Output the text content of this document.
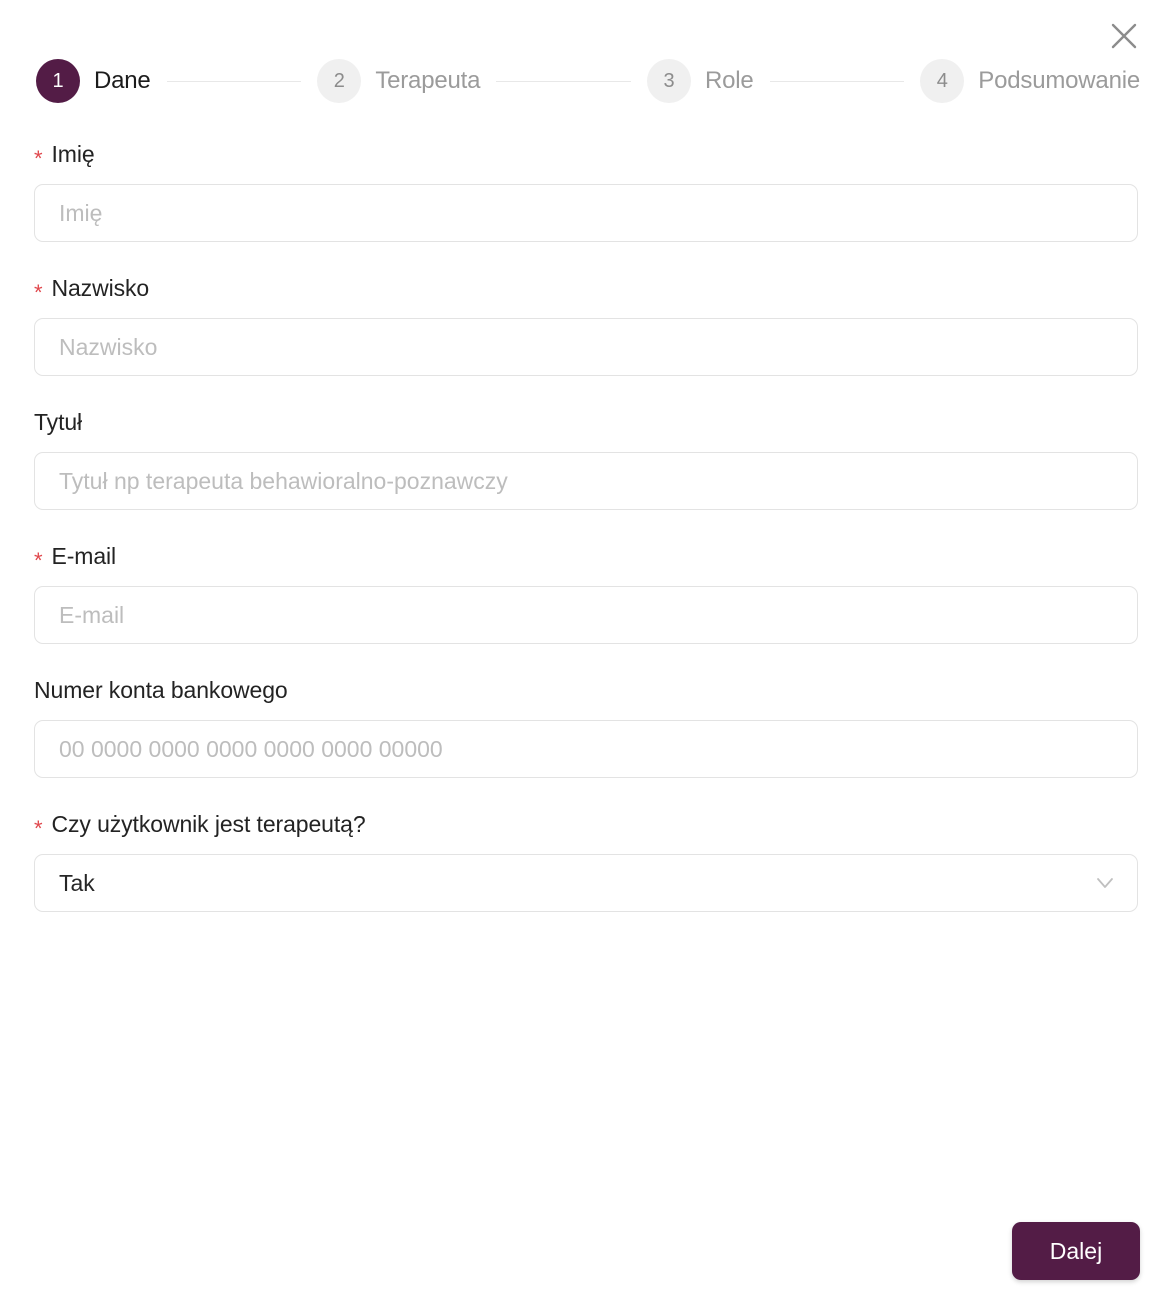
1	Dane	2	Terapeuta	3	Role	4	Podsumowanie
* Imię
Imię
* Nazwisko
Nazwisko
Tytuł
Tytuł np terapeuta behawioralno-poznawczy
* E-mail
E-mail
Numer konta bankowego
00 0000 0000 0000 0000 0000 00000
* Czy użytkownik jest terapeutą?
Tak
Dalej
